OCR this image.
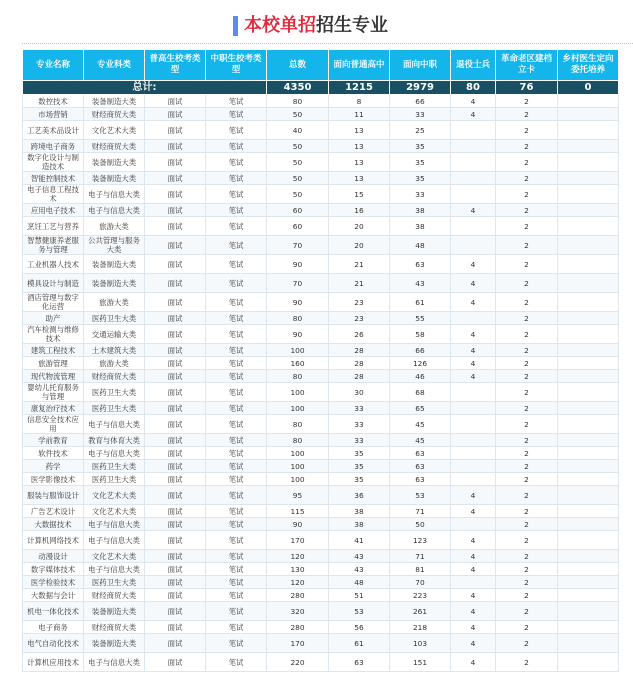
本校单招招生专业
专业名称	专业科类	普高生校考类型	中职生校考类型	总数	面向普通高中	面向中职	退役士兵	革命老区建档立卡	乡村医生定向委托培养
总计:				4350	1215	2979	80	76	0
数控技术	装备制造大类	面试	笔试	80	8	66	4	2	
市场营销	财经商贸大类	面试	笔试	50	11	33	4	2	
工艺美术品设计	文化艺术大类	面试	笔试	40	13	25		2	
跨境电子商务	财经商贸大类	面试	笔试	50	13	35		2	
数字化设计与制造技术	装备制造大类	面试	笔试	50	13	35		2	
智能控制技术	装备制造大类	面试	笔试	50	13	35		2	
电子信息工程技术	电子与信息大类	面试	笔试	50	15	33		2	
应用电子技术	电子与信息大类	面试	笔试	60	16	38	4	2	
烹饪工艺与营养	旅游大类	面试	笔试	60	20	38		2	
智慧健康养老服务与管理	公共管理与服务大类	面试	笔试	70	20	48		2	
工业机器人技术	装备制造大类	面试	笔试	90	21	63	4	2	
模具设计与制造	装备制造大类	面试	笔试	70	21	43	4	2	
酒店管理与数字化运营	旅游大类	面试	笔试	90	23	61	4	2	
助产	医药卫生大类	面试	笔试	80	23	55		2	
汽车检测与维修技术	交通运输大类	面试	笔试	90	26	58	4	2	
建筑工程技术	土木建筑大类	面试	笔试	100	28	66	4	2	
旅游管理	旅游大类	面试	笔试	160	28	126	4	2	
现代物流管理	财经商贸大类	面试	笔试	80	28	46	4	2	
婴幼儿托育服务与管理	医药卫生大类	面试	笔试	100	30	68		2	
康复治疗技术	医药卫生大类	面试	笔试	100	33	65		2	
信息安全技术应用	电子与信息大类	面试	笔试	80	33	45		2	
学前教育	教育与体育大类	面试	笔试	80	33	45		2	
软件技术	电子与信息大类	面试	笔试	100	35	63		2	
药学	医药卫生大类	面试	笔试	100	35	63		2	
医学影像技术	医药卫生大类	面试	笔试	100	35	63		2	
服装与服饰设计	文化艺术大类	面试	笔试	95	36	53	4	2	
广告艺术设计	文化艺术大类	面试	笔试	115	38	71	4	2	
大数据技术	电子与信息大类	面试	笔试	90	38	50		2	
计算机网络技术	电子与信息大类	面试	笔试	170	41	123	4	2	
动漫设计	文化艺术大类	面试	笔试	120	43	71	4	2	
数字媒体技术	电子与信息大类	面试	笔试	130	43	81	4	2	
医学检验技术	医药卫生大类	面试	笔试	120	48	70		2	
大数据与会计	财经商贸大类	面试	笔试	280	51	223	4	2	
机电一体化技术	装备制造大类	面试	笔试	320	53	261	4	2	
电子商务	财经商贸大类	面试	笔试	280	56	218	4	2	
电气自动化技术	装备制造大类	面试	笔试	170	61	103	4	2	
计算机应用技术	电子与信息大类	面试	笔试	220	63	151	4	2	
